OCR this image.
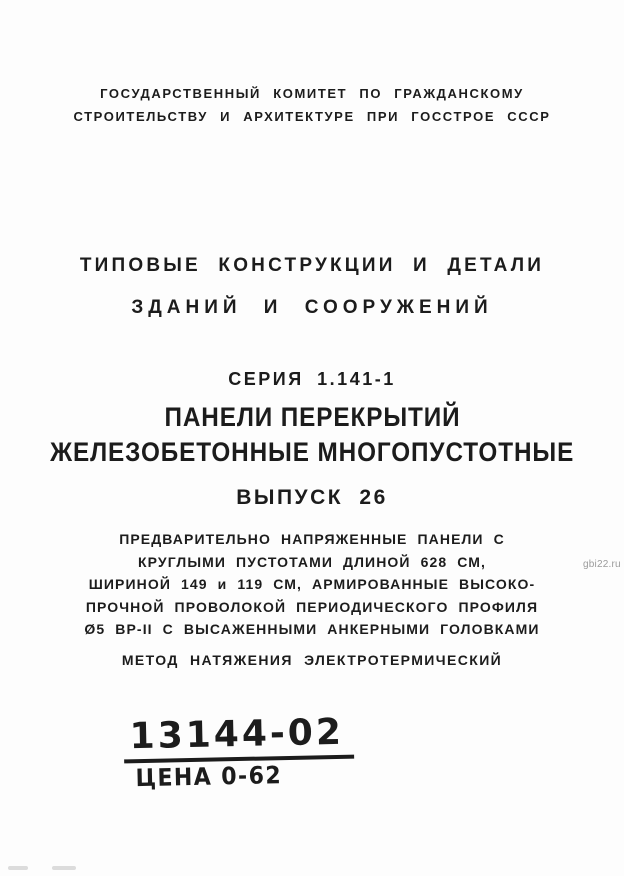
ГОСУДАРСТВЕННЫЙ КОМИТЕТ ПО ГРАЖДАНСКОМУ
СТРОИТЕЛЬСТВУ И АРХИТЕКТУРЕ ПРИ ГОССТРОЕ СССР
ТИПОВЫЕ КОНСТРУКЦИИ И ДЕТАЛИ
ЗДАНИЙ И СООРУЖЕНИЙ
СЕРИЯ 1.141-1
ПАНЕЛИ ПЕРЕКРЫТИЙ
ЖЕЛЕЗОБЕТОННЫЕ МНОГОПУСТОТНЫЕ
ВЫПУСК 26
ПРЕДВАРИТЕЛЬНО НАПРЯЖЕННЫЕ ПАНЕЛИ С
КРУГЛЫМИ ПУСТОТАМИ ДЛИНОЙ 628 СМ,
ШИРИНОЙ 149 и 119 СМ, АРМИРОВАННЫЕ ВЫСОКО-
ПРОЧНОЙ ПРОВОЛОКОЙ ПЕРИОДИЧЕСКОГО ПРОФИЛЯ
Ø5 ВР-II С ВЫСАЖЕННЫМИ АНКЕРНЫМИ ГОЛОВКАМИ
МЕТОД НАТЯЖЕНИЯ ЭЛЕКТРОТЕРМИЧЕСКИЙ
13144-02
ЦЕНА 0-62
gbi22.ru
